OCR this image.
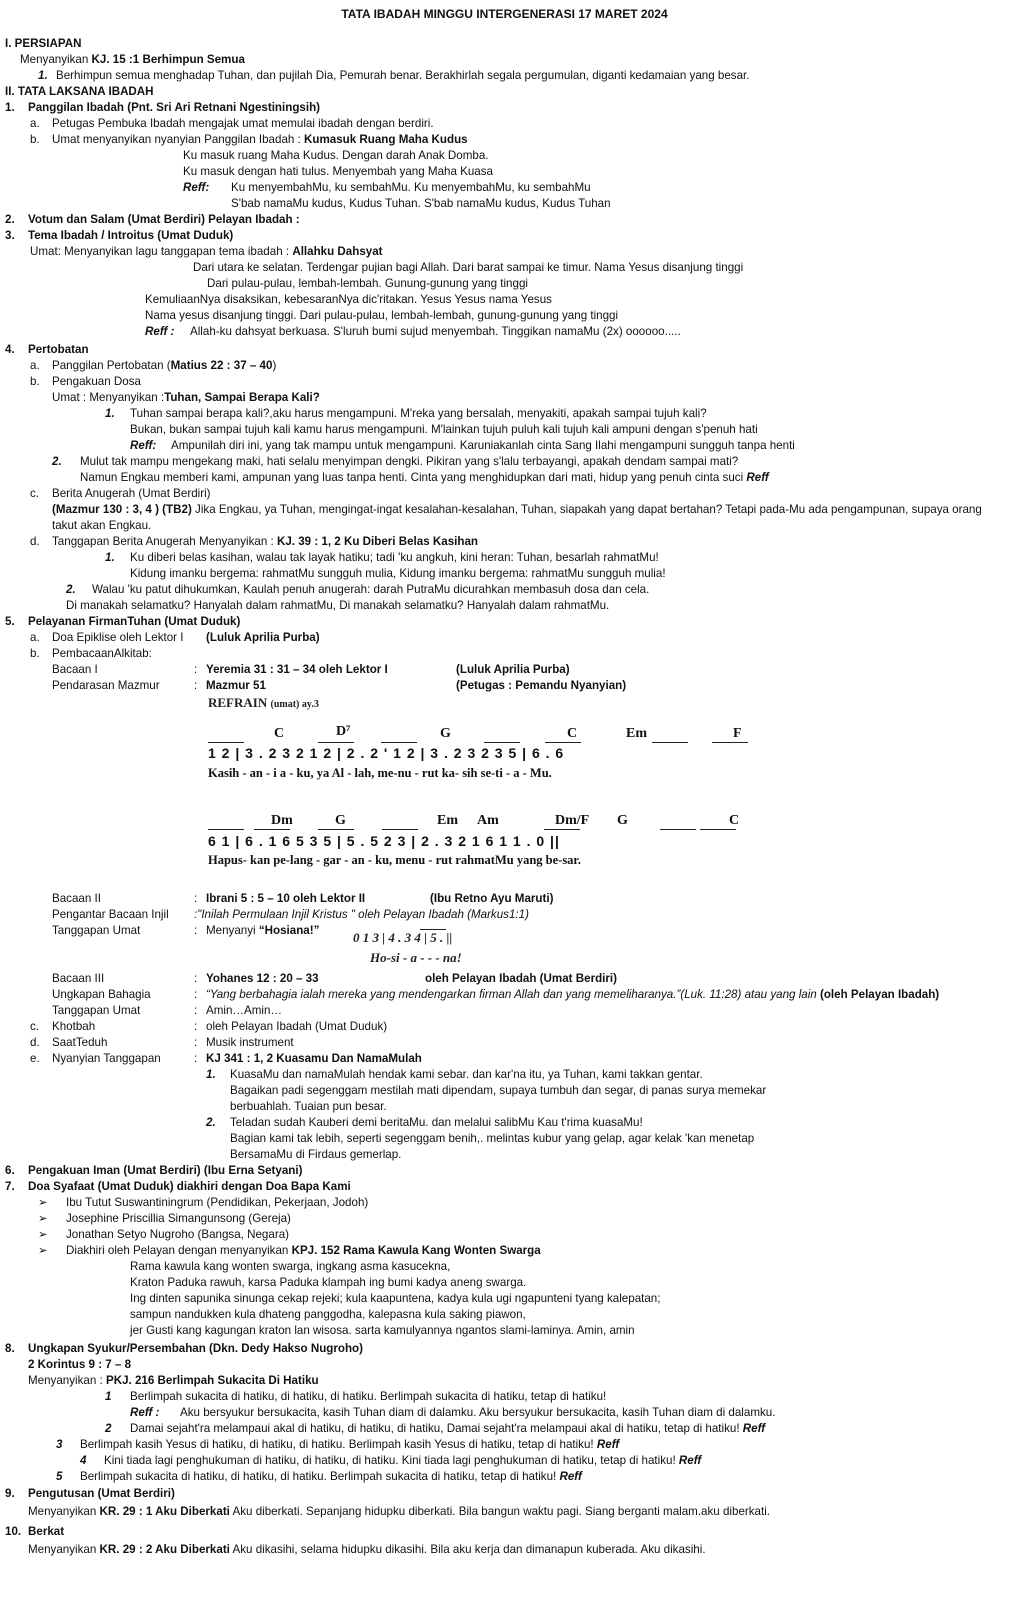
TATA IBADAH MINGGU INTERGENERASI 17 MARET 2024
I. PERSIAPAN
Menyanyikan KJ. 15 :1 Berhimpun Semua
1. Berhimpun semua menghadap Tuhan, dan pujilah Dia, Pemurah benar. Berakhirlah segala pergumulan, diganti kedamaian yang besar.
II. TATA LAKSANA IBADAH
1. Panggilan Ibadah (Pnt. Sri Ari Retnani Ngestiningsih)
a. Petugas Pembuka Ibadah mengajak umat memulai ibadah dengan berdiri.
b. Umat menyanyikan nyanyian Panggilan Ibadah : Kumasuk Ruang Maha Kudus
Ku masuk ruang Maha Kudus. Dengan darah Anak Domba.
Ku masuk dengan hati tulus. Menyembah yang Maha Kuasa
Reff: Ku menyembahMu, ku sembahMu. Ku menyembahMu, ku sembahMu
S'bab namaMu kudus, Kudus Tuhan. S'bab namaMu kudus, Kudus Tuhan
2. Votum dan Salam (Umat Berdiri) Pelayan Ibadah :
3. Tema Ibadah / Introitus (Umat Duduk)
Umat: Menyanyikan lagu tanggapan tema ibadah : Allahku Dahsyat
Dari utara ke selatan. Terdengar pujian bagi Allah. Dari barat sampai ke timur. Nama Yesus disanjung tinggi
Dari pulau-pulau, lembah-lembah. Gunung-gunung yang tinggi
KemuliaanNya disaksikan, kebesaranNya dic'ritakan. Yesus Yesus nama Yesus
Nama yesus disanjung tinggi. Dari pulau-pulau, lembah-lembah, gunung-gunung yang tinggi
Reff : Allah-ku dahsyat berkuasa. S'luruh bumi sujud menyembah. Tinggikan namaMu (2x) oooooo.....
4. Pertobatan
a. Panggilan Pertobatan (Matius 22 : 37 – 40)
b. Pengakuan Dosa
Umat : Menyanyikan :Tuhan, Sampai Berapa Kali?
1. Tuhan sampai berapa kali?,aku harus mengampuni. M'reka yang bersalah, menyakiti, apakah sampai tujuh kali?
Bukan, bukan sampai tujuh kali kamu harus mengampuni. M'lainkan tujuh puluh kali tujuh kali ampuni dengan s'penuh hati
Reff: Ampunilah diri ini, yang tak mampu untuk mengampuni. Karuniakanlah cinta Sang Ilahi mengampuni sungguh tanpa henti
2. Mulut tak mampu mengekang maki, hati selalu menyimpan dengki. Pikiran yang s'lalu terbayangi, apakah dendam sampai mati?
Namun Engkau memberi kami, ampunan yang luas tanpa henti. Cinta yang menghidupkan dari mati, hidup yang penuh cinta suci Reff
c. Berita Anugerah (Umat Berdiri)
(Mazmur 130 : 3, 4 ) (TB2) Jika Engkau, ya Tuhan, mengingat-ingat kesalahan-kesalahan, Tuhan, siapakah yang dapat bertahan? Tetapi pada-Mu ada pengampunan, supaya orang takut akan Engkau.
d. Tanggapan Berita Anugerah Menyanyikan : KJ. 39 : 1, 2 Ku Diberi Belas Kasihan
1. Ku diberi belas kasihan, walau tak layak hatiku; tadi 'ku angkuh, kini heran: Tuhan, besarlah rahmatMu!
Kidung imanku bergema: rahmatMu sungguh mulia, Kidung imanku bergema: rahmatMu sungguh mulia!
2. Walau 'ku patut dihukumkan, Kaulah penuh anugerah: darah PutraMu dicurahkan membasuh dosa dan cela.
Di manakah selamatku? Hanyalah dalam rahmatMu, Di manakah selamatku? Hanyalah dalam rahmatMu.
5. Pelayanan FirmanTuhan (Umat Duduk)
a. Doa Epiklise oleh Lektor I (Luluk Aprilia Purba)
b. PembacaanAlkitab:
Bacaan I	: Yeremia 31 : 31 – 34 oleh Lektor I	(Luluk Aprilia Purba)
Pendarasan Mazmur	: Mazmur 51	(Petugas : Pemandu Nyanyian)
REFRAIN (umat) ay.3
C	D⁷	G	C	Em	F
1 2 | 3 . 2 3 2 1 2 | 2 . 2 ' 1 2 | 3 . 2 3 2 3 5 | 6 . 6
Kasih - an - i a - ku, ya Al - lah, me-nu - rut ka- sih se-ti - a - Mu.
Dm	G	Em Am	Dm/F G	C
6 1 | 6 . 1 6 5 3 5 | 5 . 5 2 3 | 2 . 3 2 1 6 1 1 . 0 ||
Hapus- kan pe-lang - gar - an - ku, menu - rut rahmatMu yang be-sar.
Bacaan II	: Ibrani 5 : 5 – 10 oleh Lektor II	(Ibu Retno Ayu Maruti)
Pengantar Bacaan Injil :"Inilah Permulaan Injil Kristus " oleh Pelayan Ibadah (Markus1:1)
Tanggapan Umat	: Menyanyi “Hosiana!”	0 1 3 | 4 . 3 4 | 5 . ||
Ho-si - a - - - na!
Bacaan III	: Yohanes 12 : 20 – 33	oleh Pelayan Ibadah (Umat Berdiri)
Ungkapan Bahagia	: “Yang berbahagia ialah mereka yang mendengarkan firman Allah dan yang memeliharanya.”(Luk. 11:28) atau yang lain (oleh Pelayan Ibadah)
Tanggapan Umat	: Amin…Amin…
c. Khotbah	: oleh Pelayan Ibadah (Umat Duduk)
d. SaatTeduh	: Musik instrument
e. Nyanyian Tanggapan	: KJ 341 : 1, 2 Kuasamu Dan NamaMulah
1. KuasaMu dan namaMulah hendak kami sebar. dan kar'na itu, ya Tuhan, kami takkan gentar.
Bagaikan padi segenggam mestilah mati dipendam, supaya tumbuh dan segar, di panas surya memekar
berbuahlah. Tuaian pun besar.
2. Teladan sudah Kauberi demi beritaMu. dan melalui salibMu Kau t'rima kuasaMu!
Bagian kami tak lebih, seperti segenggam benih,. melintas kubur yang gelap, agar kelak 'kan menetap
BersamaMu di Firdaus gemerlap.
6. Pengakuan Iman (Umat Berdiri) (Ibu Erna Setyani)
7. Doa Syafaat (Umat Duduk) diakhiri dengan Doa Bapa Kami
➢ Ibu Tutut Suswantiningrum (Pendidikan, Pekerjaan, Jodoh)
➢ Josephine Priscillia Simangunsong (Gereja)
➢ Jonathan Setyo Nugroho (Bangsa, Negara)
➢ Diakhiri oleh Pelayan dengan menyanyikan KPJ. 152 Rama Kawula Kang Wonten Swarga
Rama kawula kang wonten swarga, ingkang asma kasucekna,
Kraton Paduka rawuh, karsa Paduka klampah ing bumi kadya aneng swarga.
Ing dinten sapunika sinunga cekap rejeki; kula kaapuntena, kadya kula ugi ngapunteni tyang kalepatan;
sampun nandukken kula dhateng panggodha, kalepasna kula saking piawon,
jer Gusti kang kagungan kraton lan wisosa. sarta kamulyannya ngantos slami-laminya. Amin, amin
8. Ungkapan Syukur/Persembahan (Dkn. Dedy Hakso Nugroho)
2 Korintus 9 : 7 – 8
Menyanyikan : PKJ. 216 Berlimpah Sukacita Di Hatiku
1 Berlimpah sukacita di hatiku, di hatiku, di hatiku. Berlimpah sukacita di hatiku, tetap di hatiku!
Reff : Aku bersyukur bersukacita, kasih Tuhan diam di dalamku. Aku bersyukur bersukacita, kasih Tuhan diam di dalamku.
2 Damai sejaht'ra melampaui akal di hatiku, di hatiku, di hatiku, Damai sejaht'ra melampaui akal di hatiku, tetap di hatiku! Reff
3 Berlimpah kasih Yesus di hatiku, di hatiku, di hatiku. Berlimpah kasih Yesus di hatiku, tetap di hatiku! Reff
4 Kini tiada lagi penghukuman di hatiku, di hatiku, di hatiku. Kini tiada lagi penghukuman di hatiku, tetap di hatiku! Reff
5 Berlimpah sukacita di hatiku, di hatiku, di hatiku. Berlimpah sukacita di hatiku, tetap di hatiku! Reff
9. Pengutusan (Umat Berdiri)
Menyanyikan KR. 29 : 1 Aku Diberkati Aku diberkati. Sepanjang hidupku diberkati. Bila bangun waktu pagi. Siang berganti malam.aku diberkati.
10. Berkat
Menyanyikan KR. 29 : 2 Aku Diberkati Aku dikasihi, selama hidupku dikasihi. Bila aku kerja dan dimanapun kuberada. Aku dikasihi.
